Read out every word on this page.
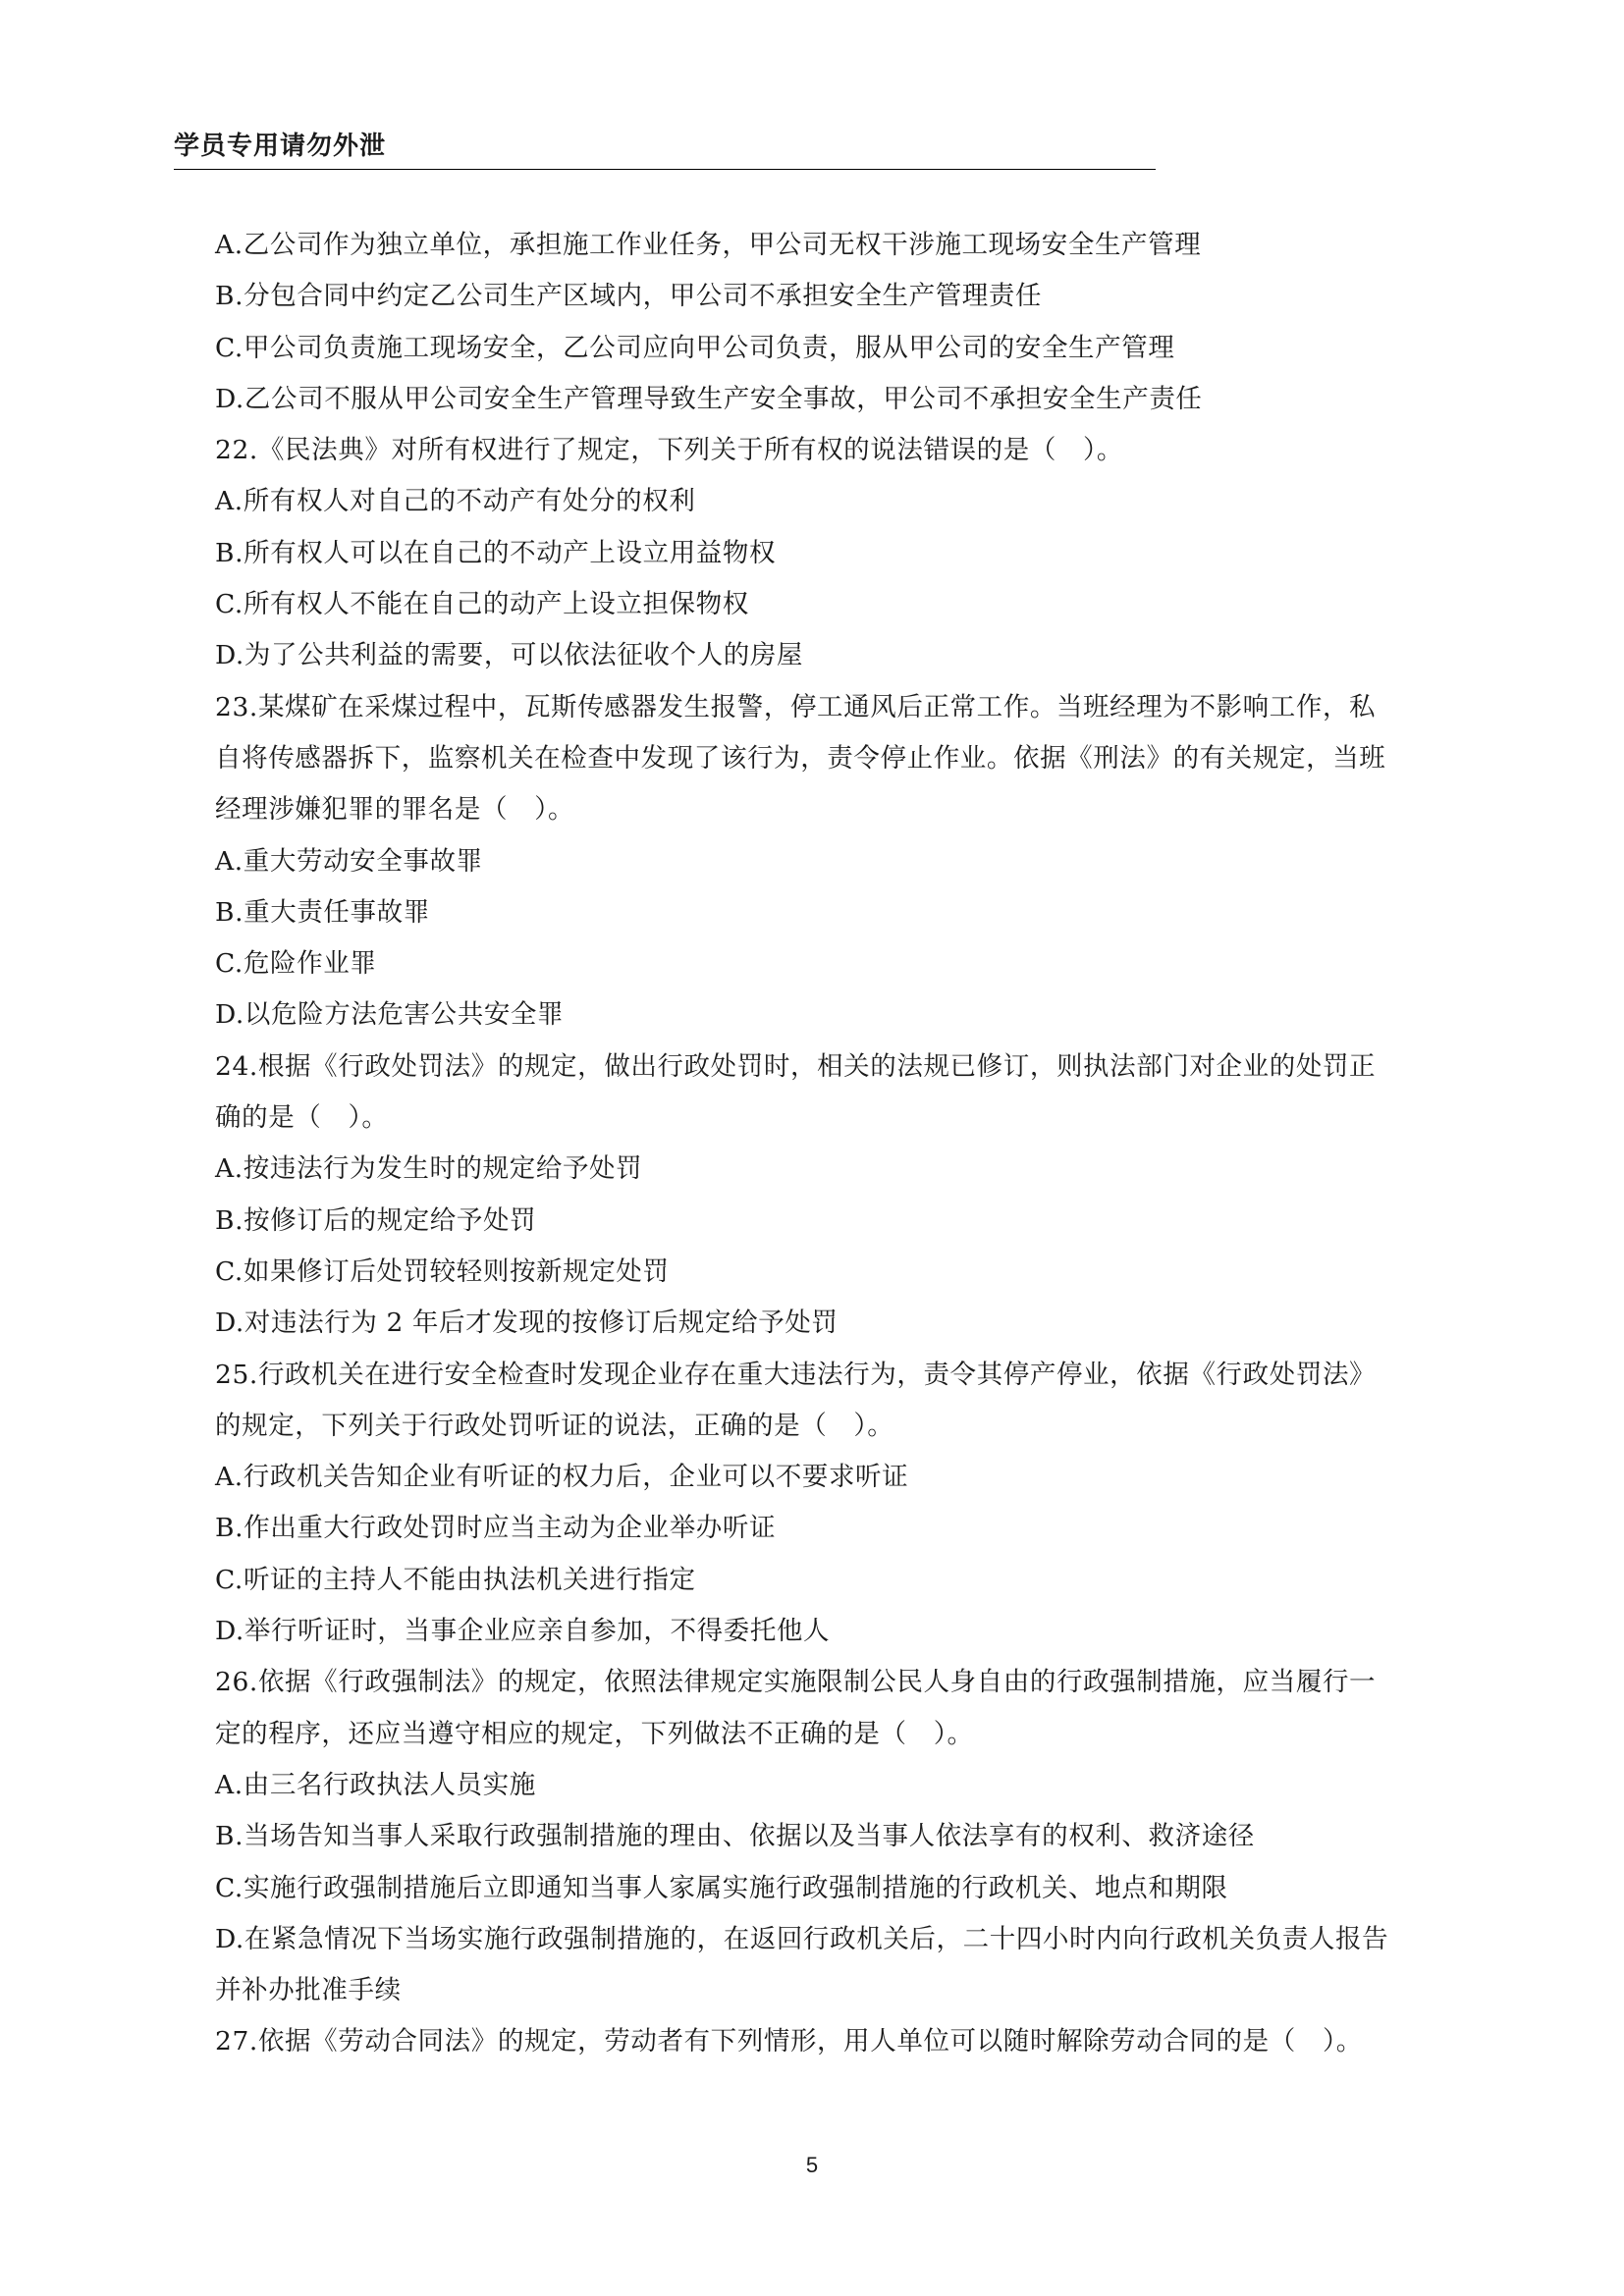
学员专用请勿外泄
A.乙公司作为独立单位，承担施工作业任务，甲公司无权干涉施工现场安全生产管理
B.分包合同中约定乙公司生产区域内，甲公司不承担安全生产管理责任
C.甲公司负责施工现场安全，乙公司应向甲公司负责，服从甲公司的安全生产管理
D.乙公司不服从甲公司安全生产管理导致生产安全事故，甲公司不承担安全生产责任
22.《民法典》对所有权进行了规定，下列关于所有权的说法错误的是（　）。
A.所有权人对自己的不动产有处分的权利
B.所有权人可以在自己的不动产上设立用益物权
C.所有权人不能在自己的动产上设立担保物权
D.为了公共利益的需要，可以依法征收个人的房屋
23.某煤矿在采煤过程中，瓦斯传感器发生报警，停工通风后正常工作。当班经理为不影响工作，私
自将传感器拆下，监察机关在检查中发现了该行为，责令停止作业。依据《刑法》的有关规定，当班
经理涉嫌犯罪的罪名是（　）。
A.重大劳动安全事故罪
B.重大责任事故罪
C.危险作业罪
D.以危险方法危害公共安全罪
24.根据《行政处罚法》的规定，做出行政处罚时，相关的法规已修订，则执法部门对企业的处罚正
确的是（　）。
A.按违法行为发生时的规定给予处罚
B.按修订后的规定给予处罚
C.如果修订后处罚较轻则按新规定处罚
D.对违法行为 2 年后才发现的按修订后规定给予处罚
25.行政机关在进行安全检查时发现企业存在重大违法行为，责令其停产停业，依据《行政处罚法》
的规定，下列关于行政处罚听证的说法，正确的是（　）。
A.行政机关告知企业有听证的权力后，企业可以不要求听证
B.作出重大行政处罚时应当主动为企业举办听证
C.听证的主持人不能由执法机关进行指定
D.举行听证时，当事企业应亲自参加，不得委托他人
26.依据《行政强制法》的规定，依照法律规定实施限制公民人身自由的行政强制措施，应当履行一
定的程序，还应当遵守相应的规定，下列做法不正确的是（　）。
A.由三名行政执法人员实施
B.当场告知当事人采取行政强制措施的理由、依据以及当事人依法享有的权利、救济途径
C.实施行政强制措施后立即通知当事人家属实施行政强制措施的行政机关、地点和期限
D.在紧急情况下当场实施行政强制措施的，在返回行政机关后，二十四小时内向行政机关负责人报告
并补办批准手续
27.依据《劳动合同法》的规定，劳动者有下列情形，用人单位可以随时解除劳动合同的是（　）。
5
